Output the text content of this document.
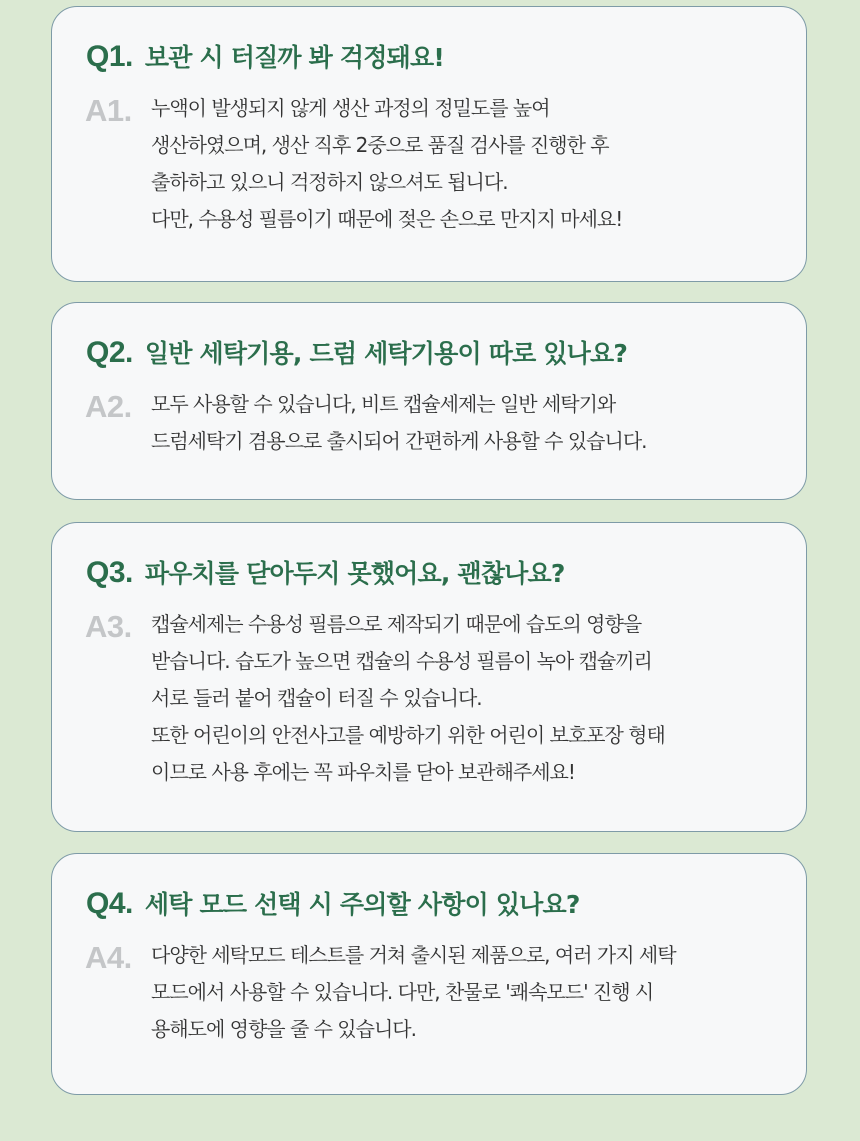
Q1. 보관 시 터질까 봐 걱정돼요!
A1. 누액이 발생되지 않게 생산 과정의 정밀도를 높여
생산하였으며, 생산 직후 2중으로 품질 검사를 진행한 후
출하하고 있으니 걱정하지 않으셔도 됩니다.
다만, 수용성 필름이기 때문에 젖은 손으로 만지지 마세요!
Q2. 일반 세탁기용, 드럼 세탁기용이 따로 있나요?
A2. 모두 사용할 수 있습니다, 비트 캡슐세제는 일반 세탁기와
드럼세탁기 겸용으로 출시되어 간편하게 사용할 수 있습니다.
Q3. 파우치를 닫아두지 못했어요, 괜찮나요?
A3. 캡슐세제는 수용성 필름으로 제작되기 때문에 습도의 영향을
받습니다. 습도가 높으면 캡슐의 수용성 필름이 녹아 캡슐끼리
서로 들러 붙어 캡슐이 터질 수 있습니다.
또한 어린이의 안전사고를 예방하기 위한 어린이 보호포장 형태
이므로 사용 후에는 꼭 파우치를 닫아 보관해주세요!
Q4. 세탁 모드 선택 시 주의할 사항이 있나요?
A4. 다양한 세탁모드 테스트를 거쳐 출시된 제품으로, 여러 가지 세탁
모드에서 사용할 수 있습니다. 다만, 찬물로 '쾌속모드' 진행 시
용해도에 영향을 줄 수 있습니다.
